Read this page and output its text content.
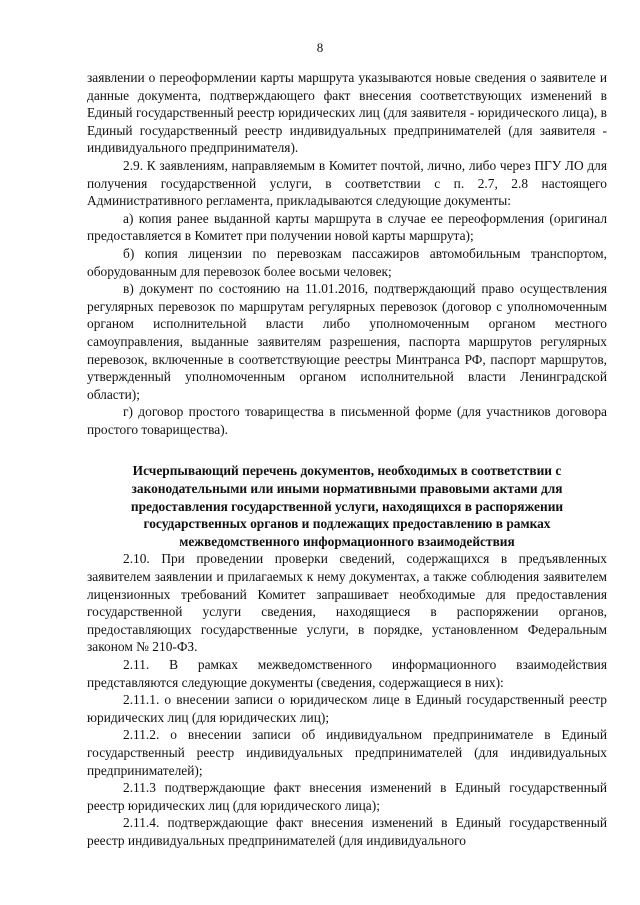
8

заявлении о переоформлении карты маршрута указываются новые сведения о заявителе и данные документа, подтверждающего факт внесения соответствующих изменений в Единый государственный реестр юридических лиц (для заявителя - юридического лица), в Единый государственный реестр индивидуальных предпринимателей (для заявителя - индивидуального предпринимателя).

2.9. К заявлениям, направляемым в Комитет почтой, лично, либо через ПГУ ЛО для получения государственной услуги, в соответствии с п. 2.7, 2.8 настоящего Административного регламента, прикладываются следующие документы:

а) копия ранее выданной карты маршрута в случае ее переоформления (оригинал предоставляется в Комитет при получении новой карты маршрута);

б) копия лицензии по перевозкам пассажиров автомобильным транспортом, оборудованным для перевозок более восьми человек;

в) документ по состоянию на 11.01.2016, подтверждающий право осуществления регулярных перевозок по маршрутам регулярных перевозок (договор с уполномоченным органом исполнительной власти либо уполномоченным органом местного самоуправления, выданные заявителям разрешения, паспорта маршрутов регулярных перевозок, включенные в соответствующие реестры Минтранса РФ, паспорт маршрутов, утвержденный уполномоченным органом исполнительной власти Ленинградской области);

г) договор простого товарищества в письменной форме (для участников договора простого товарищества).

Исчерпывающий перечень документов, необходимых в соответствии с законодательными или иными нормативными правовыми актами для предоставления государственной услуги, находящихся в распоряжении государственных органов и подлежащих предоставлению в рамках межведомственного информационного взаимодействия

2.10. При проведении проверки сведений, содержащихся в предъявленных заявителем заявлении и прилагаемых к нему документах, а также соблюдения заявителем лицензионных требований Комитет запрашивает необходимые для предоставления государственной услуги сведения, находящиеся в распоряжении органов, предоставляющих государственные услуги, в порядке, установленном Федеральным законом № 210-ФЗ.

2.11. В рамках межведомственного информационного взаимодействия представляются следующие документы (сведения, содержащиеся в них):

2.11.1. о внесении записи о юридическом лице в Единый государственный реестр юридических лиц (для юридических лиц);

2.11.2. о внесении записи об индивидуальном предпринимателе в Единый государственный реестр индивидуальных предпринимателей (для индивидуальных предпринимателей);

2.11.3 подтверждающие факт внесения изменений в Единый государственный реестр юридических лиц (для юридического лица);

2.11.4. подтверждающие факт внесения изменений в Единый государственный реестр индивидуальных предпринимателей (для индивидуального
